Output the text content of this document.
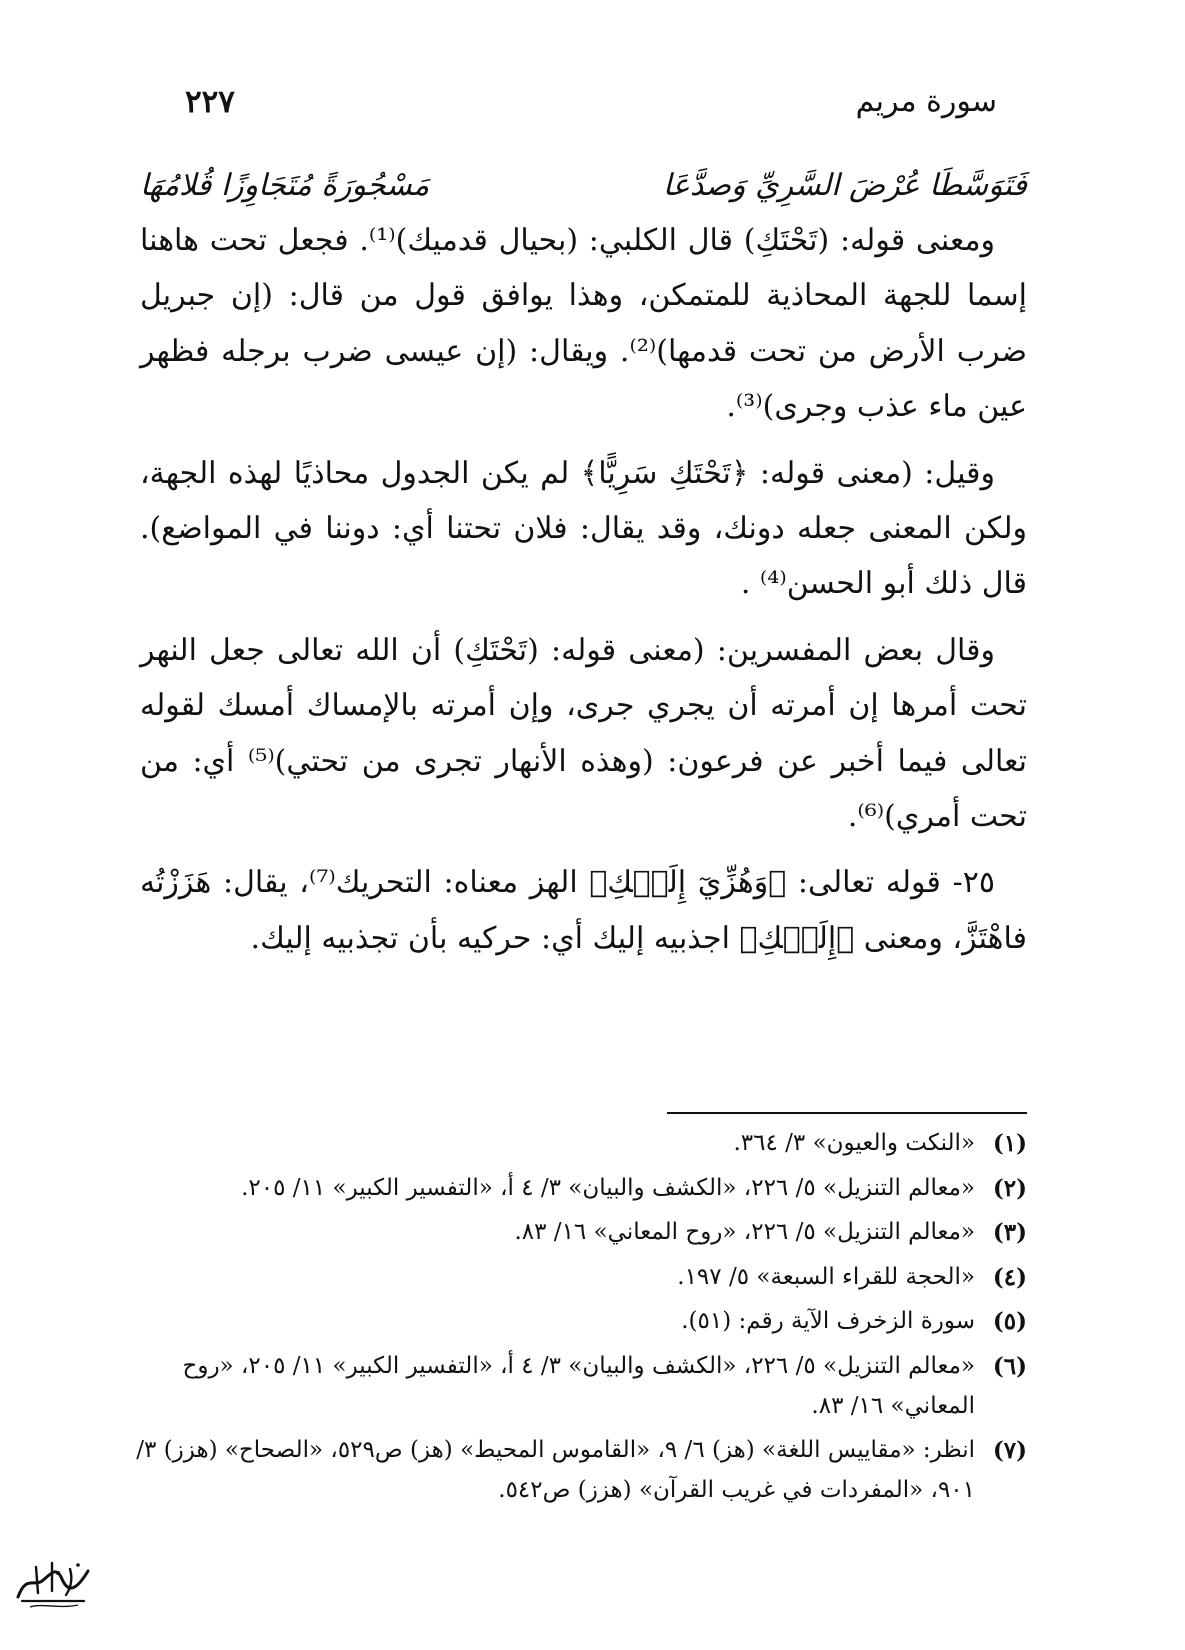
سورة مريم
٢٢٧
فَتَوَسَّطَا عُرْضَ السَّرِيِّ وَصدَّعَا
مَسْجُورَةً مُتَجَاوِزًا قُلامُهَا

ومعنى قوله: (تَحْتَكِ) قال الكلبي: (بحيال قدميك)⁽¹⁾. فجعل تحت هاهنا إسما للجهة المحاذية للمتمكن، وهذا يوافق قول من قال: (إن جبريل ضرب الأرض من تحت قدمها)⁽²⁾. ويقال: (إن عيسى ضرب برجله فظهر عين ماء عذب وجرى)⁽³⁾.

وقيل: (معنى قوله: ﴿تَحْتَكِ سَرِيًّا﴾ لم يكن الجدول محاذيًا لهذه الجهة، ولكن المعنى جعله دونك، وقد يقال: فلان تحتنا أي: دوننا في المواضع). قال ذلك أبو الحسن⁽⁴⁾ .

وقال بعض المفسرين: (معنى قوله: (تَحْتَكِ) أن الله تعالى جعل النهر تحت أمرها إن أمرته أن يجري جرى، وإن أمرته بالإمساك أمسك لقوله تعالى فيما أخبر عن فرعون: (وهذه الأنهار تجرى من تحتي)⁽⁵⁾ أي: من تحت أمري)⁽⁶⁾.

٢٥- قوله تعالى: ﴿وَهُزِّيٓ إِلَيۡكِ﴾ الهز معناه: التحريك⁽⁷⁾، يقال: هَزَزْتُه فاهْتَزَّ، ومعنى ﴿إِلَيۡكِ﴾ اجذبيه إليك أي: حركيه بأن تجذبيه إليك.

(١)
«النكت والعيون» ٣/ ٣٦٤.
(٢)
«معالم التنزيل» ٥/ ٢٢٦، «الكشف والبيان» ٣/ ٤ أ، «التفسير الكبير» ١١/ ٢٠٥.
(٣)
«معالم التنزيل» ٥/ ٢٢٦، «روح المعاني» ١٦/ ٨٣.
(٤)
«الحجة للقراء السبعة» ٥/ ١٩٧.
(٥)
سورة الزخرف الآية رقم: (٥١).
(٦)
«معالم التنزيل» ٥/ ٢٢٦، «الكشف والبيان» ٣/ ٤ أ، «التفسير الكبير» ١١/ ٢٠٥، «روح المعاني» ١٦/ ٨٣.
(٧)
انظر: «مقاييس اللغة» (هز) ٦/ ٩، «القاموس المحيط» (هز) ص٥٢٩، «الصحاح» (هزز) ٣/ ٩٠١، «المفردات في غريب القرآن» (هزز) ص٥٤٢.
